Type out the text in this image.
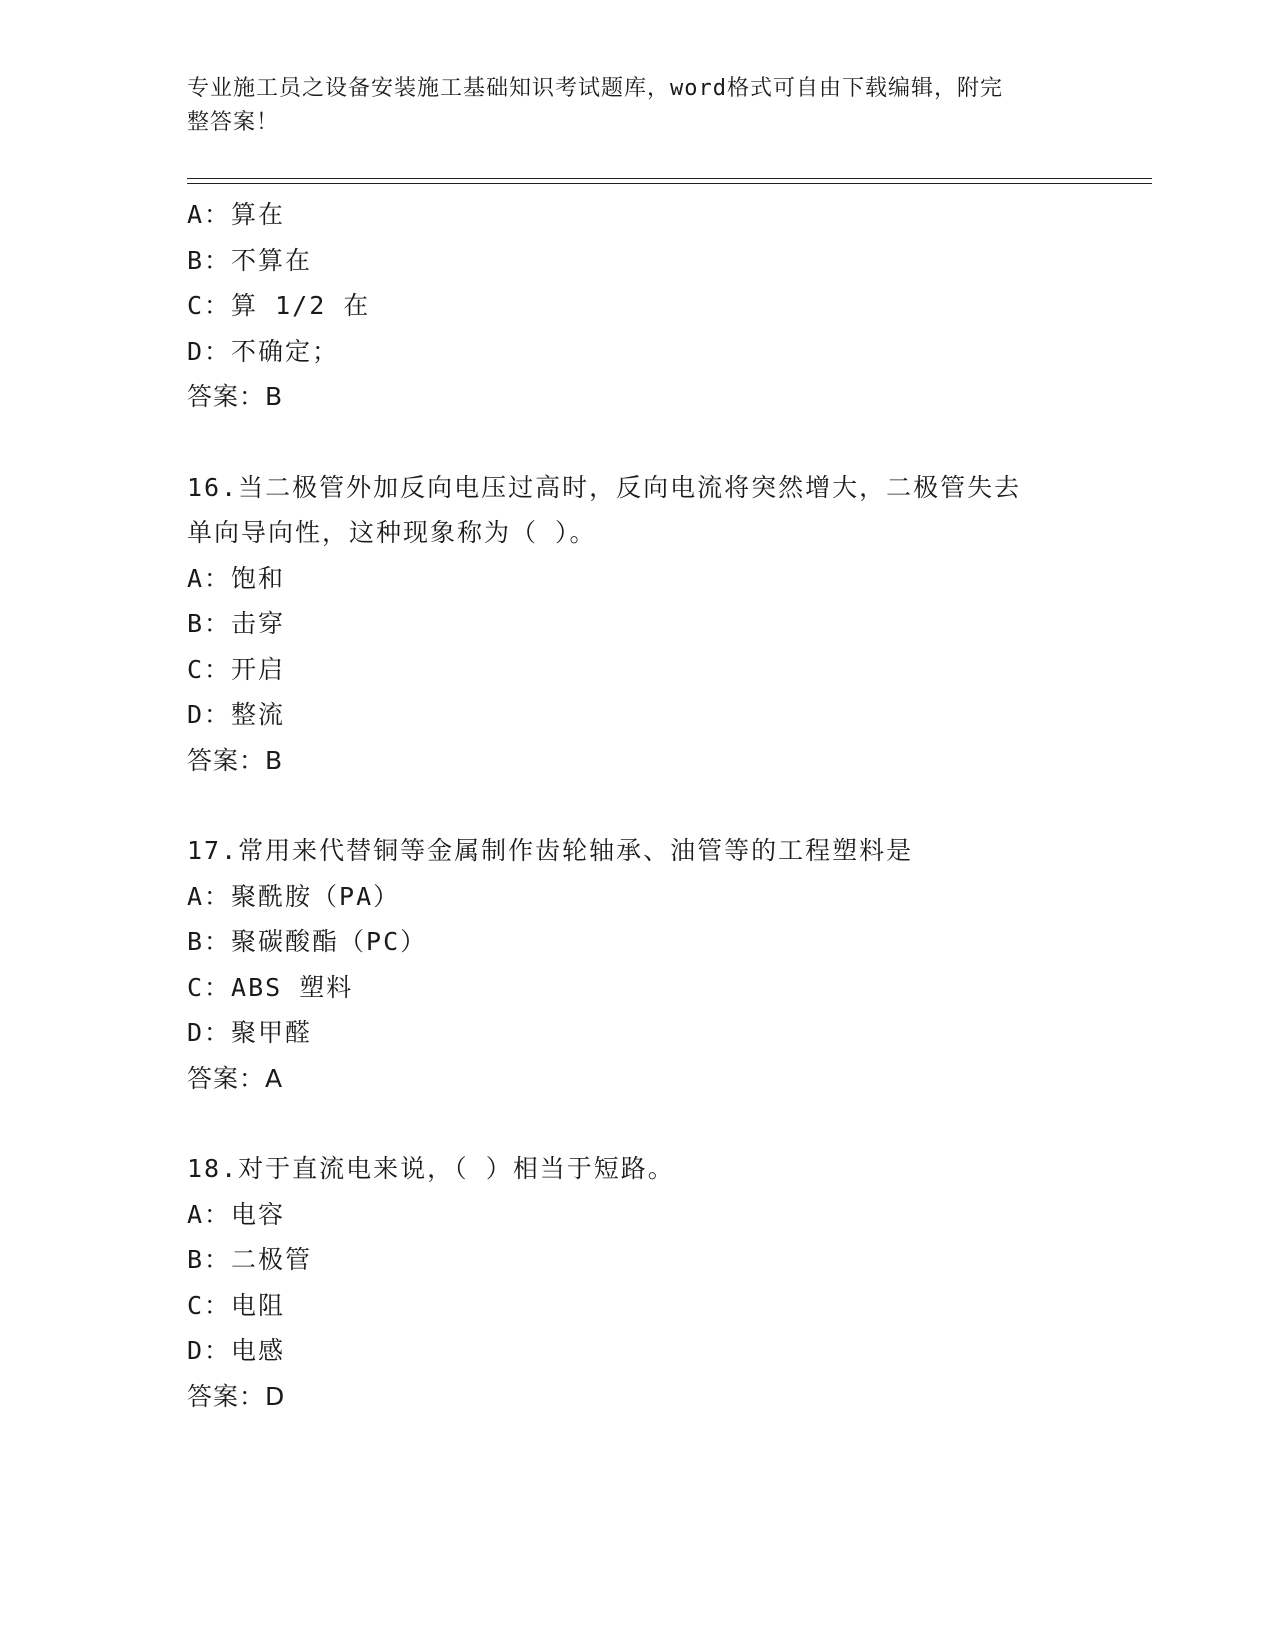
专业施工员之设备安装施工基础知识考试题库，word格式可自由下载编辑，附完
整答案！
A：算在
B：不算在
C：算 1/2 在
D：不确定；
答案：B
16.当二极管外加反向电压过高时，反向电流将突然增大，二极管失去
单向导向性，这种现象称为（ ）。
A：饱和
B：击穿
C：开启
D：整流
答案：B
17.常用来代替铜等金属制作齿轮轴承、油管等的工程塑料是
A：聚酰胺（PA）
B：聚碳酸酯（PC）
C：ABS 塑料
D：聚甲醛
答案：A
18.对于直流电来说，（ ）相当于短路。
A：电容
B：二极管
C：电阻
D：电感
答案：D
